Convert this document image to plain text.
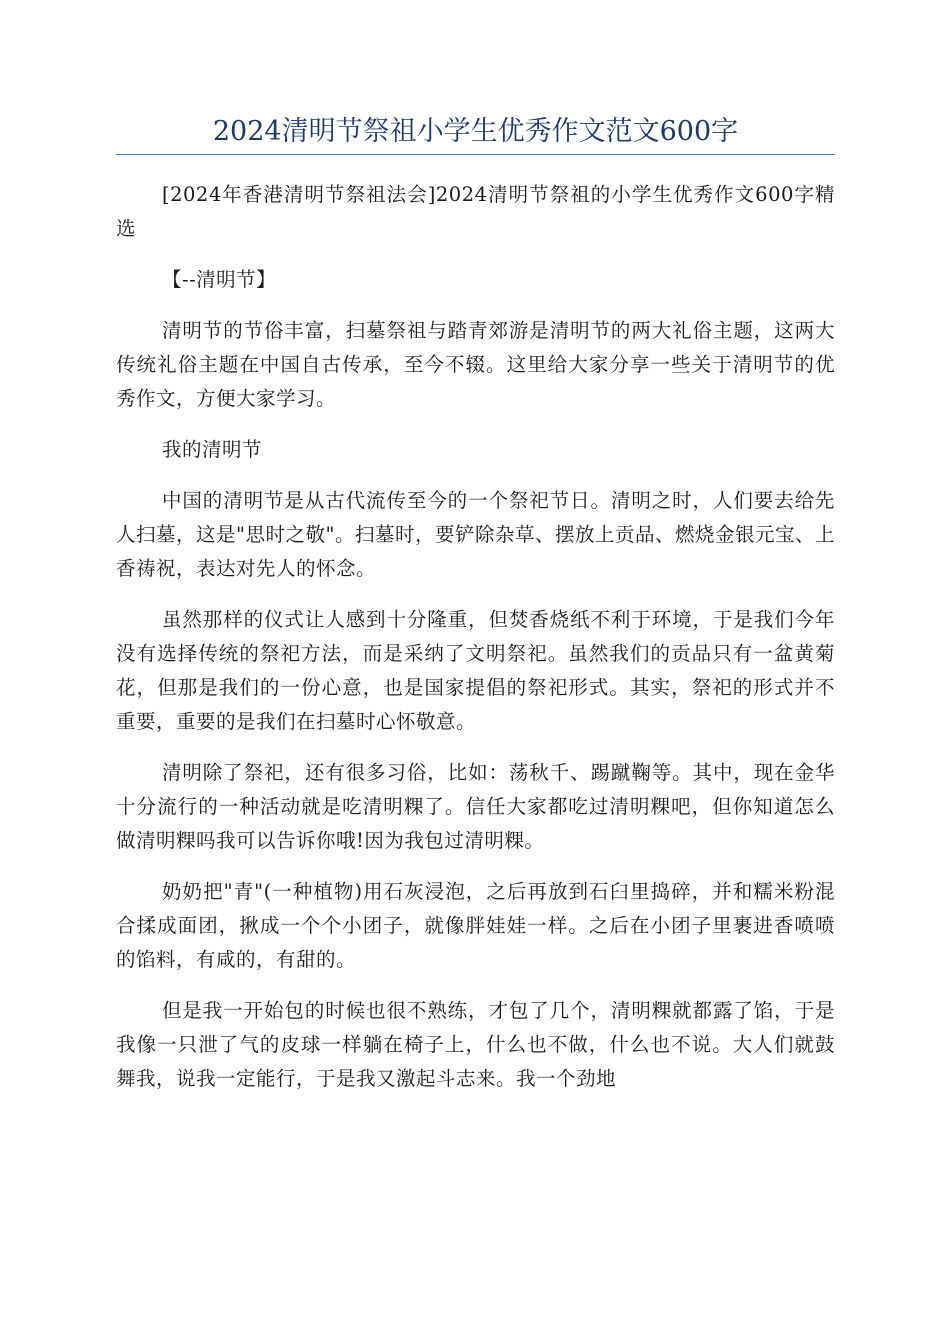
2024清明节祭祖小学生优秀作文范文600字

[2024年香港清明节祭祖法会]2024清明节祭祖的小学生优秀作文600字精选

【--清明节】

清明节的节俗丰富，扫墓祭祖与踏青郊游是清明节的两大礼俗主题，这两大传统礼俗主题在中国自古传承，至今不辍。这里给大家分享一些关于清明节的优秀作文，方便大家学习。

我的清明节

中国的清明节是从古代流传至今的一个祭祀节日。清明之时，人们要去给先人扫墓，这是"思时之敬"。扫墓时，要铲除杂草、摆放上贡品、燃烧金银元宝、上香祷祝，表达对先人的怀念。

虽然那样的仪式让人感到十分隆重，但焚香烧纸不利于环境，于是我们今年没有选择传统的祭祀方法，而是采纳了文明祭祀。虽然我们的贡品只有一盆黄菊花，但那是我们的一份心意，也是国家提倡的祭祀形式。其实，祭祀的形式并不重要，重要的是我们在扫墓时心怀敬意。

清明除了祭祀，还有很多习俗，比如：荡秋千、踢蹴鞠等。其中，现在金华十分流行的一种活动就是吃清明粿了。信任大家都吃过清明粿吧，但你知道怎么做清明粿吗我可以告诉你哦!因为我包过清明粿。

奶奶把"青"(一种植物)用石灰浸泡，之后再放到石臼里捣碎，并和糯米粉混合揉成面团，揪成一个个小团子，就像胖娃娃一样。之后在小团子里裹进香喷喷的馅料，有咸的，有甜的。

但是我一开始包的时候也很不熟练，才包了几个，清明粿就都露了馅，于是我像一只泄了气的皮球一样躺在椅子上，什么也不做，什么也不说。大人们就鼓舞我，说我一定能行，于是我又激起斗志来。我一个劲地
